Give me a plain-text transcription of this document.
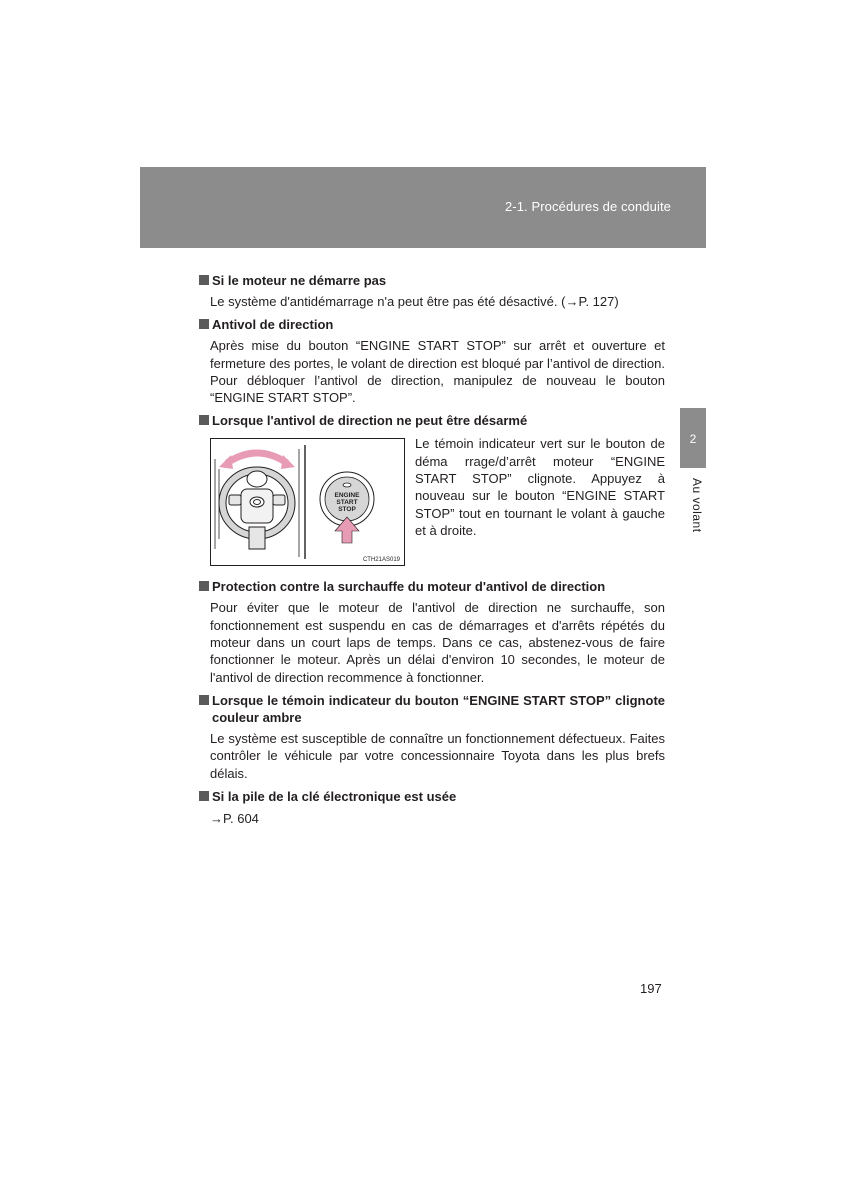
2-1. Procédures de conduite
2
Au volant
Si le moteur ne démarre pas

Le système d'antidémarrage n'a peut être pas été désactivé. (→P. 127)

Antivol de direction

Après mise du bouton “ENGINE START STOP” sur arrêt et ouverture et fermeture des portes, le volant de direction est bloqué par l’antivol de direction. Pour débloquer l’antivol de direction, manipulez de nouveau le bouton “ENGINE START STOP”.

Lorsque l'antivol de direction ne peut être désarmé
ENGINE
START
STOP
CTH21AS019

Le témoin indicateur vert sur le bouton de déma rrage/d’arrêt moteur “ENGINE START STOP” clignote. Appuyez à nouveau sur le bouton “ENGINE START STOP” tout en tournant le volant à gauche et à droite.

Protection contre la surchauffe du moteur d'antivol de direction

Pour éviter que le moteur de l'antivol de direction ne surchauffe, son fonctionnement est suspendu en cas de démarrages et d'arrêts répétés du moteur dans un court laps de temps. Dans ce cas, abstenez-vous de faire fonctionner le moteur. Après un délai d'environ 10 secondes, le moteur de l'antivol de direction recommence à fonctionner.

Lorsque le témoin indicateur du bouton “ENGINE START STOP” clignote couleur ambre

Le système est susceptible de connaître un fonctionnement défectueux. Faites contrôler le véhicule par votre concessionnaire Toyota dans les plus brefs délais.

Si la pile de la clé électronique est usée

→P. 604

197
